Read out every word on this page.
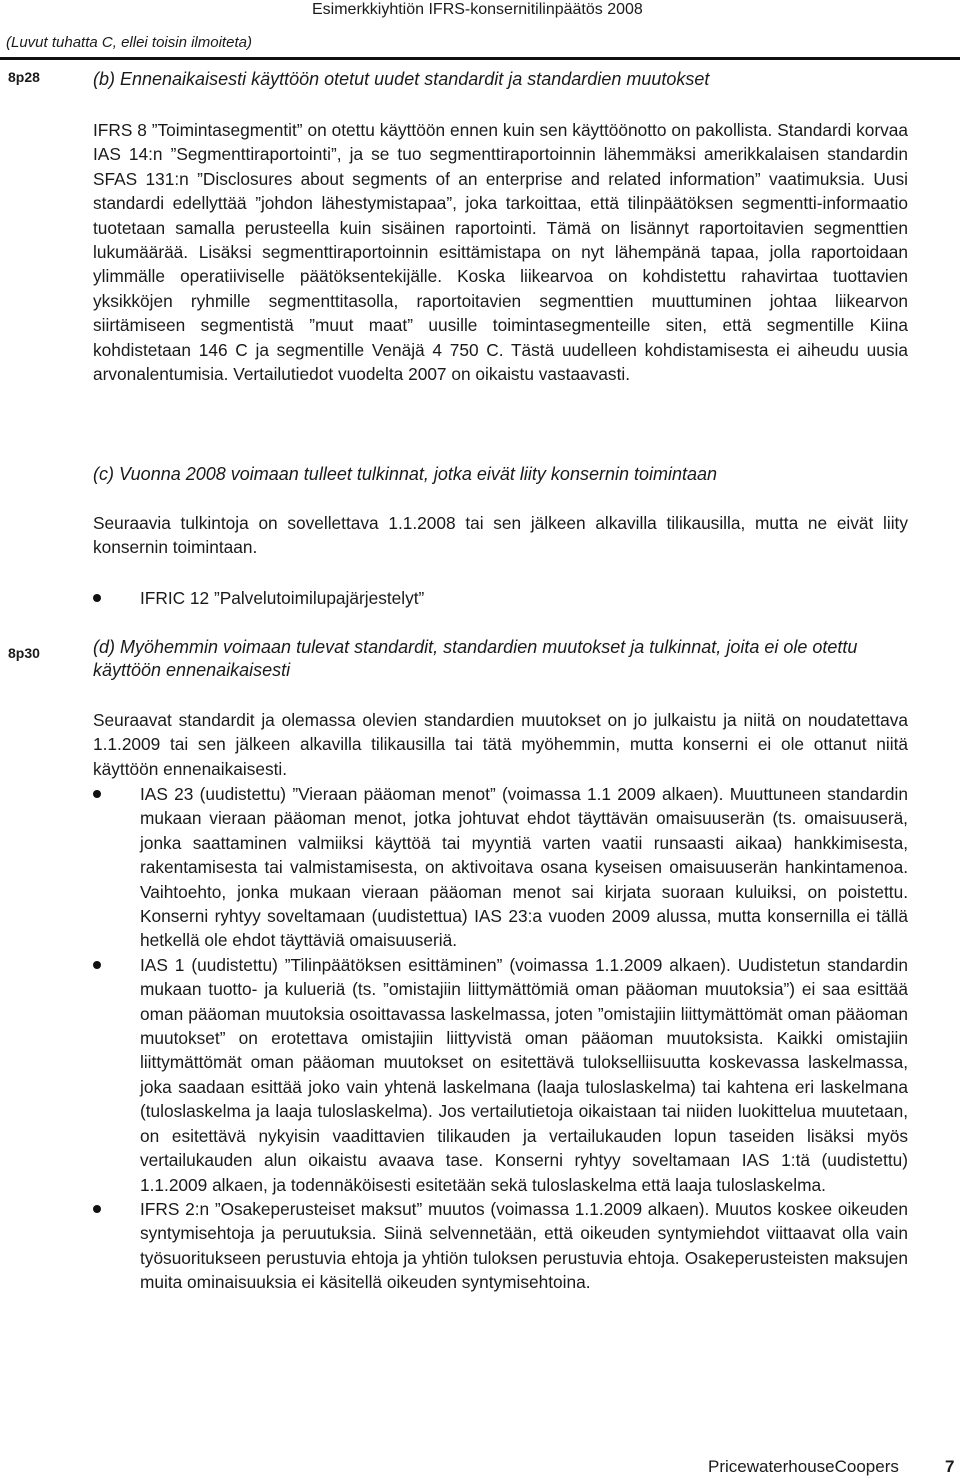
Esimerkkiyhtiön IFRS-konsernitilinpäätös 2008
(Luvut tuhatta C, ellei toisin ilmoiteta)
8p28	(b) Ennenaikaisesti käyttöön otetut uudet standardit ja standardien muutokset
IFRS 8 ”Toimintasegmentit” on otettu käyttöön ennen kuin sen käyttöönotto on pakollista. Standardi korvaa IAS 14:n ”Segmenttiraportointi”, ja se tuo segmenttiraportoinnin lähemmäksi amerikkalaisen standardin SFAS 131:n ”Disclosures about segments of an enterprise and related information” vaatimuksia. Uusi standardi edellyttää ”johdon lähestymistapaa”, joka tarkoittaa, että tilinpäätöksen segmentti-informaatio tuotetaan samalla perusteella kuin sisäinen raportointi. Tämä on lisännyt raportoitavien segmenttien lukumäärää. Lisäksi segmenttiraportoinnin esittämistapa on nyt lähempänä tapaa, jolla raportoidaan ylimmälle operatiiviselle päätöksentekijälle. Koska liikearvoa on kohdistettu rahavirtaa tuottavien yksikköjen ryhmille segmenttitasolla, raportoitavien segmenttien muuttuminen johtaa liikearvon siirtämiseen segmentistä ”muut maat” uusille toimintasegmenteille siten, että segmentille Kiina kohdistetaan 146 C ja segmentille Venäjä 4 750 C. Tästä uudelleen kohdistamisesta ei aiheudu uusia arvonalentumisia. Vertailutiedot vuodelta 2007 on oikaistu vastaavasti.
(c) Vuonna 2008 voimaan tulleet tulkinnat, jotka eivät liity konsernin toimintaan
Seuraavia tulkintoja on sovellettava 1.1.2008 tai sen jälkeen alkavilla tilikausilla, mutta ne eivät liity konsernin toimintaan.
IFRIC 12 ”Palvelutoimilupajärjestelyt”
8p30	(d) Myöhemmin voimaan tulevat standardit, standardien muutokset ja tulkinnat, joita ei ole otettu käyttöön ennenaikaisesti
Seuraavat standardit ja olemassa olevien standardien muutokset on jo julkaistu ja niitä on noudatettava 1.1.2009 tai sen jälkeen alkavilla tilikausilla tai tätä myöhemmin, mutta konserni ei ole ottanut niitä käyttöön ennenaikaisesti.
IAS 23 (uudistettu) ”Vieraan pääoman menot” (voimassa 1.1 2009 alkaen). Muuttuneen standardin mukaan vieraan pääoman menot, jotka johtuvat ehdot täyttävän omaisuuserän (ts. omaisuuserä, jonka saattaminen valmiiksi käyttöä tai myyntiä varten vaatii runsaasti aikaa) hankkimisesta, rakentamisesta tai valmistamisesta, on aktivoitava osana kyseisen omaisuuserän hankintamenoa. Vaihtoehto, jonka mukaan vieraan pääoman menot sai kirjata suoraan kuluiksi, on poistettu. Konserni ryhtyy soveltamaan (uudistettua) IAS 23:a vuoden 2009 alussa, mutta konsernilla ei tällä hetkellä ole ehdot täyttäviä omaisuuseriä.
IAS 1 (uudistettu) ”Tilinpäätöksen esittäminen” (voimassa 1.1.2009 alkaen). Uudistetun standardin mukaan tuotto- ja kulueriä (ts. ”omistajiin liittymättömiä oman pääoman muutoksia”) ei saa esittää oman pääoman muutoksia osoittavassa laskelmassa, joten ”omistajiin liittymättömät oman pääoman muutokset” on erotettava omistajiin liittyvistä oman pääoman muutoksista. Kaikki omistajiin liittymättömät oman pääoman muutokset on esitettävä tulokselliisuutta koskevassa laskelmassa, joka saadaan esittää joko vain yhtenä laskelmana (laaja tuloslaskelma) tai kahtena eri laskelmana (tuloslaskelma ja laaja tuloslaskelma). Jos vertailutietoja oikaistaan tai niiden luokittelua muutetaan, on esitettävä nykyisin vaadittavien tilikauden ja vertailukauden lopun taseiden lisäksi myös vertailukauden alun oikaistu avaava tase. Konserni ryhtyy soveltamaan IAS 1:tä (uudistettu) 1.1.2009 alkaen, ja todennäköisesti esitetään sekä tuloslaskelma että laaja tuloslaskelma.
IFRS 2:n ”Osakeperusteiset maksut” muutos (voimassa 1.1.2009 alkaen). Muutos koskee oikeuden syntymisehtoja ja peruutuksia. Siinä selvennetään, että oikeuden syntymiehdot viittaavat olla vain työsuoritukseen perustuvia ehtoja ja yhtiön tuloksen perustuvia ehtoja. Osakeperusteisten maksujen muita ominaisuuksia ei käsitellä oikeuden syntymisehtoina.
PricewaterhouseCoopers	7
